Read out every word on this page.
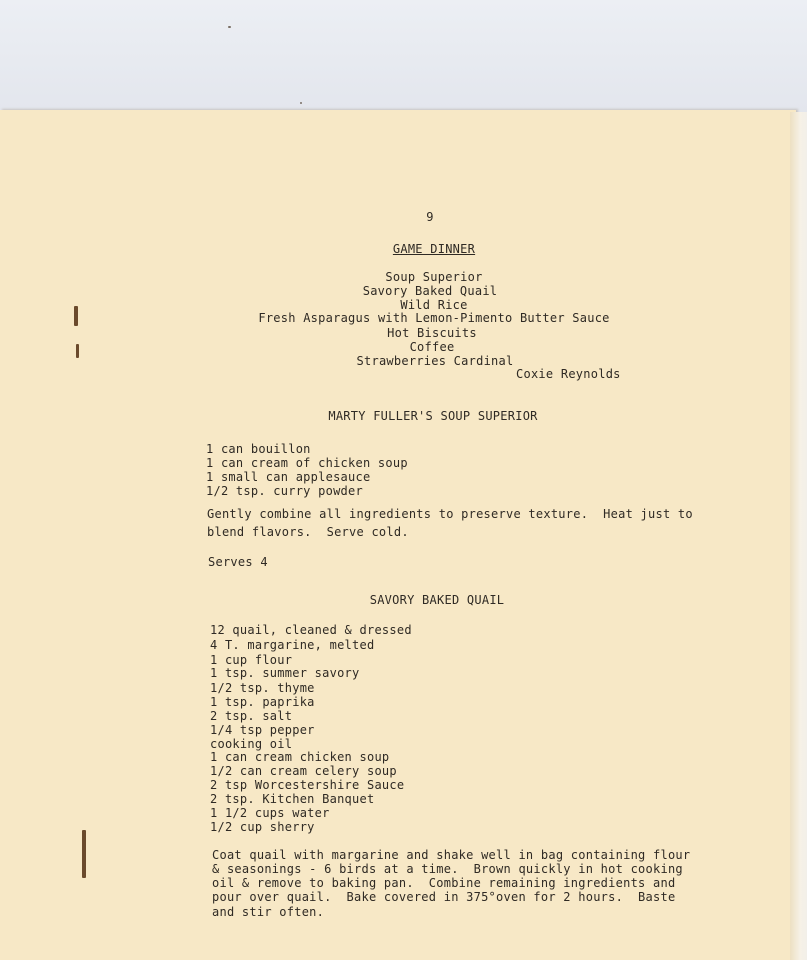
9
GAME DINNER
Soup Superior
Savory Baked Quail
Wild Rice
Fresh Asparagus with Lemon-Pimento Butter Sauce
Hot Biscuits
Coffee
Strawberries Cardinal
Coxie Reynolds
MARTY FULLER'S SOUP SUPERIOR
1 can bouillon
1 can cream of chicken soup
1 small can applesauce
1/2 tsp. curry powder
Gently combine all ingredients to preserve texture.  Heat just to
blend flavors.  Serve cold.
Serves 4
SAVORY BAKED QUAIL
12 quail, cleaned & dressed
4 T. margarine, melted
1 cup flour
1 tsp. summer savory
1/2 tsp. thyme
1 tsp. paprika
2 tsp. salt
1/4 tsp pepper
cooking oil
1 can cream chicken soup
1/2 can cream celery soup
2 tsp Worcestershire Sauce
2 tsp. Kitchen Banquet
1 1/2 cups water
1/2 cup sherry
Coat quail with margarine and shake well in bag containing flour
& seasonings - 6 birds at a time.  Brown quickly in hot cooking
oil & remove to baking pan.  Combine remaining ingredients and
pour over quail.  Bake covered in 375°oven for 2 hours.  Baste
and stir often.
